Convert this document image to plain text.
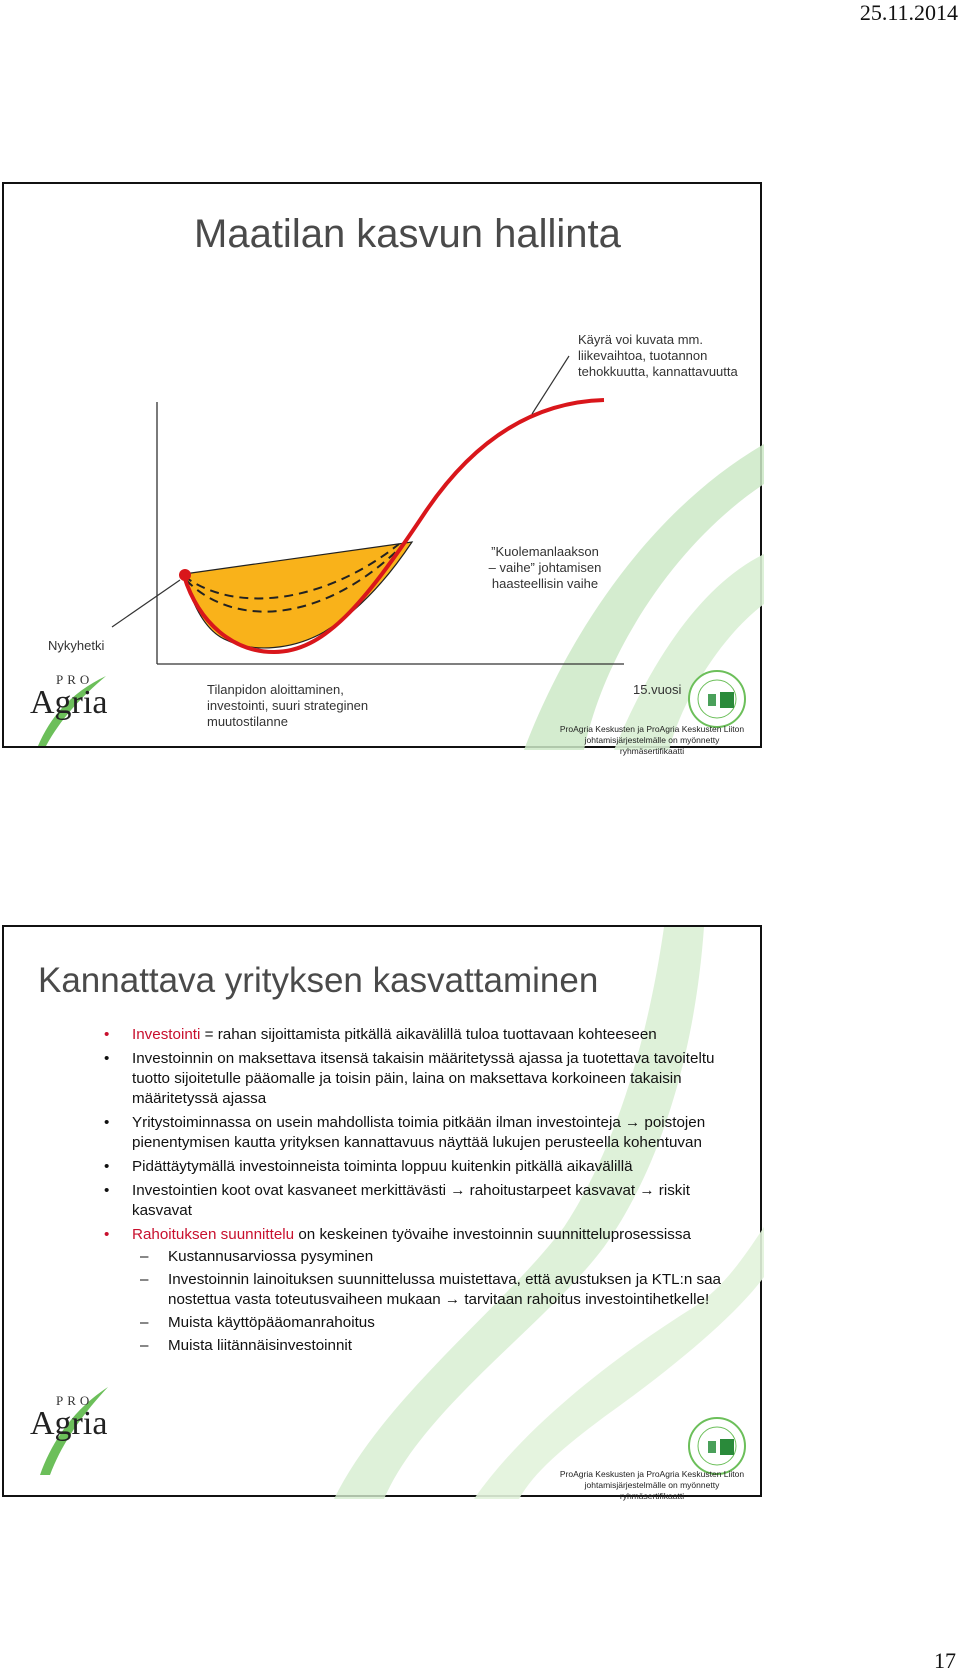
25.11.2014
Maatilan kasvun hallinta
Käyrä voi kuvata mm. liikevaihtoa, tuotannon tehokkuutta, kannattavuutta
”Kuolemanlaakson – vaihe” johtamisen haasteellisin vaihe
Nykyhetki
Tilanpidon aloittaminen, investointi, suuri strateginen muutostilanne
15.vuosi
PRO
Agria
ProAgria Keskusten ja ProAgria Keskusten Liiton
johtamisjärjestelmälle on myönnetty ryhmäsertifikaatti
Kannattava yrityksen kasvattaminen
• Investointi = rahan sijoittamista pitkällä aikavälillä tuloa tuottavaan kohteeseen
• Investoinnin on maksettava itsensä takaisin määritetyssä ajassa ja tuotettava tavoiteltu tuotto sijoitetulle pääomalle ja toisin päin, laina on maksettava korkoineen takaisin määritetyssä ajassa
• Yritystoiminnassa on usein mahdollista toimia pitkään ilman investointeja → poistojen pienentymisen kautta yrityksen kannattavuus näyttää lukujen perusteella kohentuvan
• Pidättäytymällä investoinneista toiminta loppuu kuitenkin pitkällä aikavälillä
• Investointien koot ovat kasvaneet merkittävästi → rahoitustarpeet kasvavat → riskit kasvavat
• Rahoituksen suunnittelu on keskeinen työvaihe investoinnin suunnitteluprosessissa
– Kustannusarviossa pysyminen
– Investoinnin lainoituksen suunnittelussa muistettava, että avustuksen ja KTL:n saa nostettua vasta toteutusvaiheen mukaan → tarvitaan rahoitus investointihetkelle!
– Muista käyttöpääomanrahoitus
– Muista liitännäisinvestoinnit
PRO
Agria
ProAgria Keskusten ja ProAgria Keskusten Liiton
johtamisjärjestelmälle on myönnetty ryhmäsertifikaatti
17
